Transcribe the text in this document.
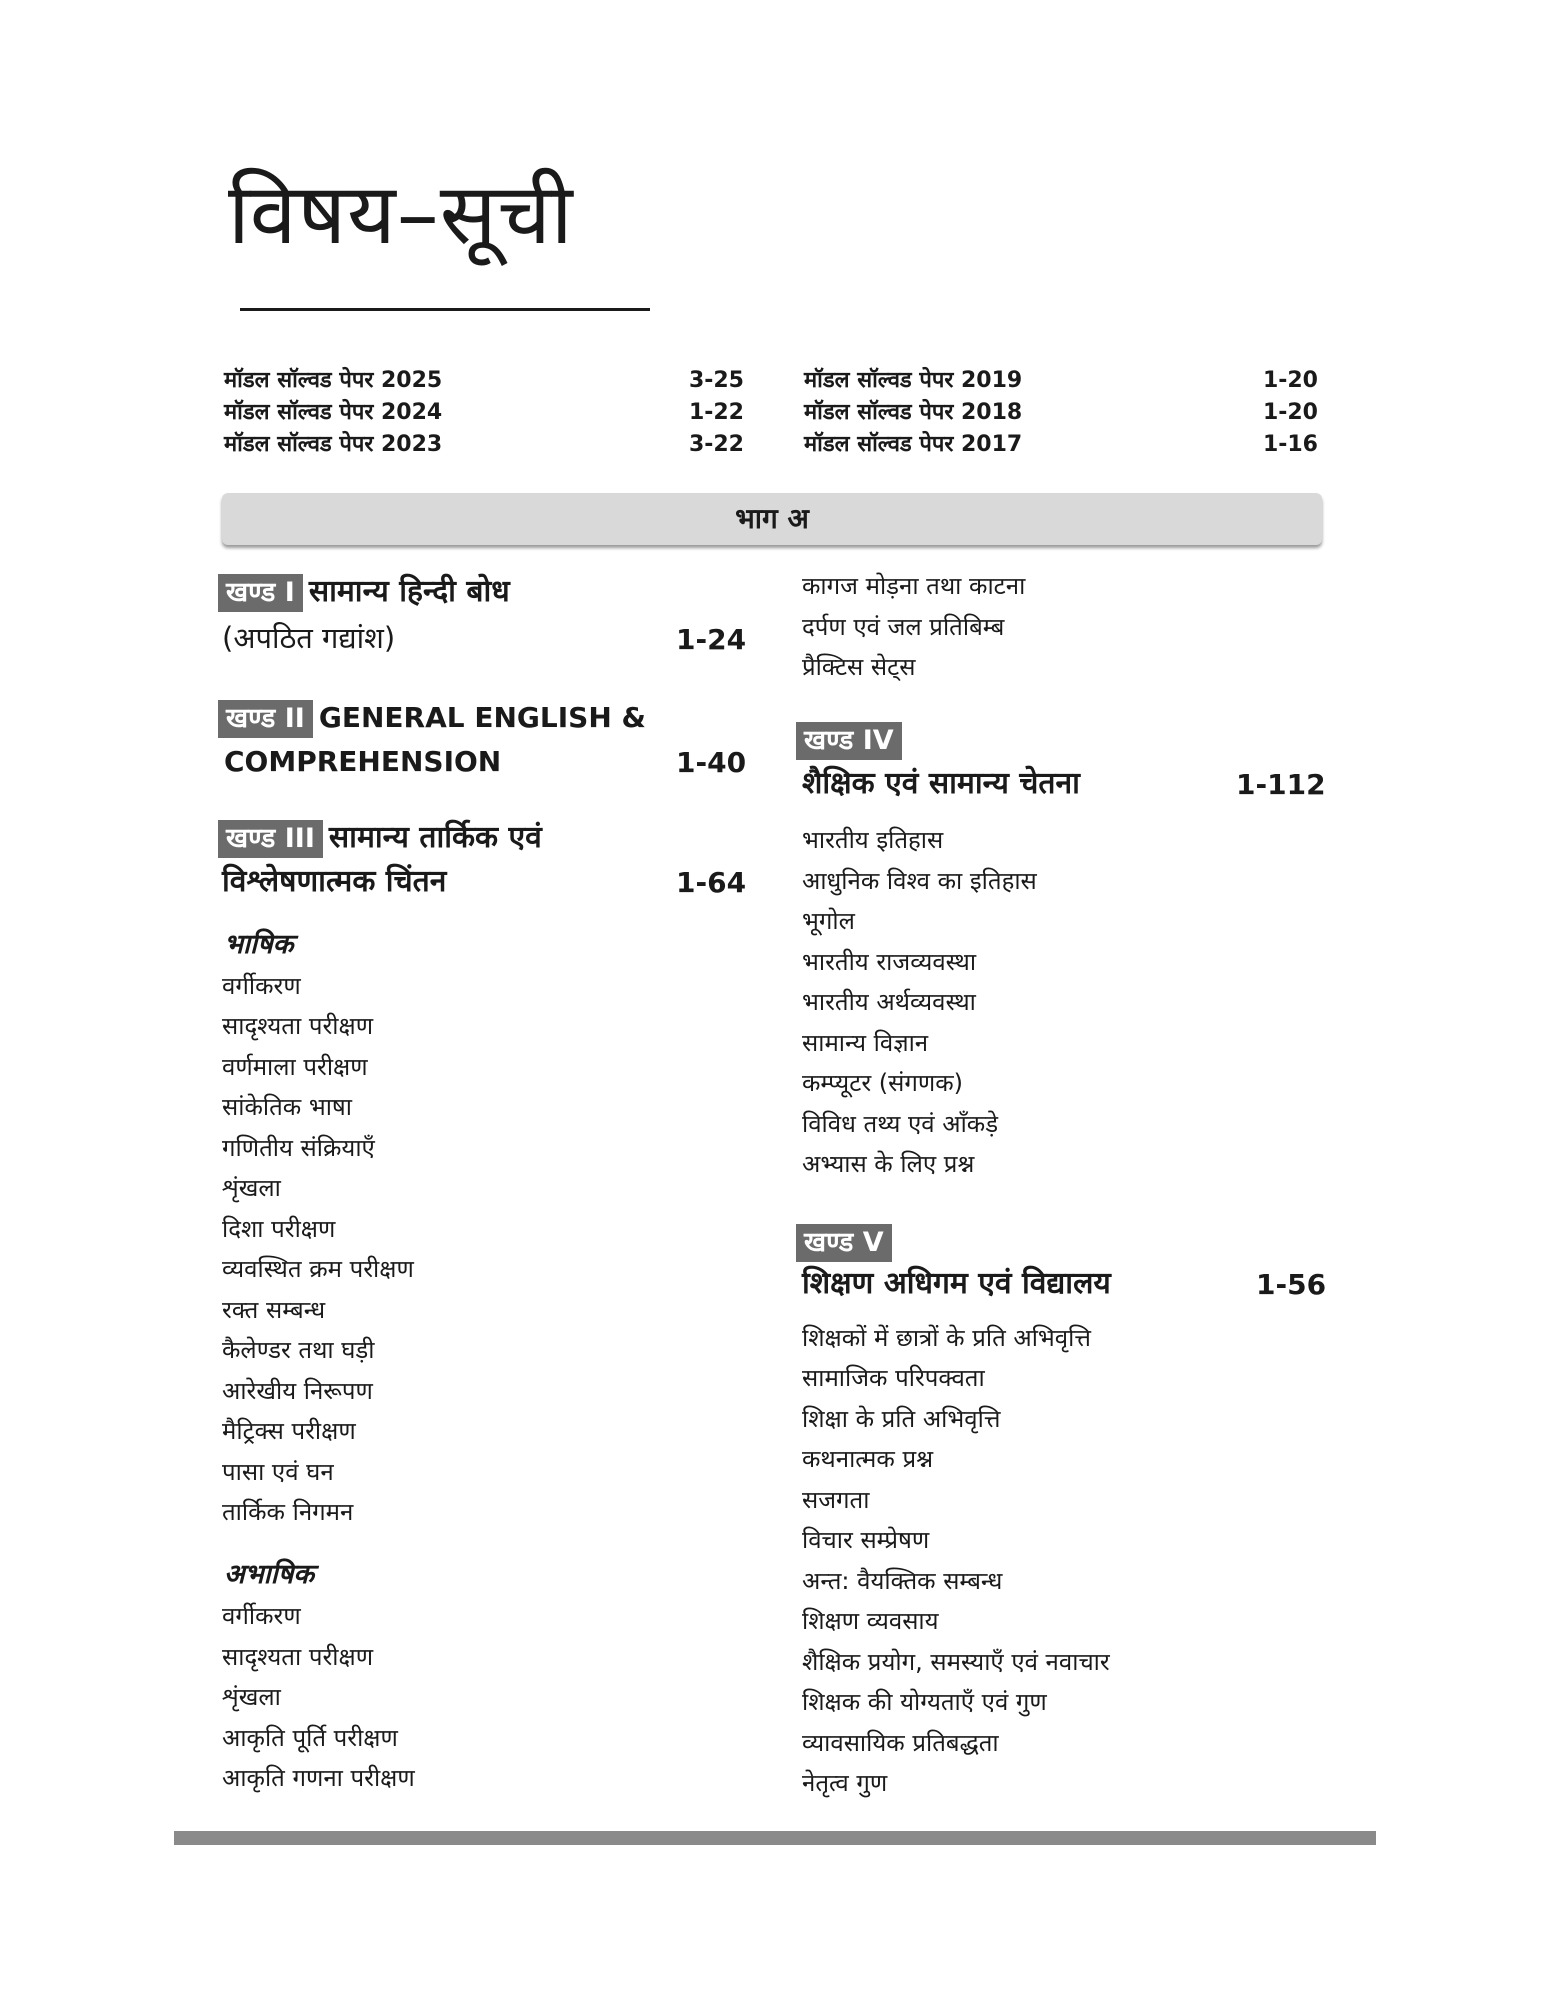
विषय–सूची
मॉडल सॉल्वड पेपर 2025	3-25
मॉडल सॉल्वड पेपर 2024	1-22
मॉडल सॉल्वड पेपर 2023	3-22
मॉडल सॉल्वड पेपर 2019	1-20
मॉडल सॉल्वड पेपर 2018	1-20
मॉडल सॉल्वड पेपर 2017	1-16
भाग अ
खण्ड I सामान्य हिन्दी बोध
(अपठित गद्यांश)	1-24
खण्ड II GENERAL ENGLISH &
COMPREHENSION	1-40
खण्ड III सामान्य तार्किक एवं
विश्लेषणात्मक चिंतन	1-64
भाषिक
वर्गीकरण
सादृश्यता परीक्षण
वर्णमाला परीक्षण
सांकेतिक भाषा
गणितीय संक्रियाएँ
शृंखला
दिशा परीक्षण
व्यवस्थित क्रम परीक्षण
रक्त सम्बन्ध
कैलेण्डर तथा घड़ी
आरेखीय निरूपण
मैट्रिक्स परीक्षण
पासा एवं घन
तार्किक निगमन
अभाषिक
वर्गीकरण
सादृश्यता परीक्षण
शृंखला
आकृति पूर्ति परीक्षण
आकृति गणना परीक्षण
कागज मोड़ना तथा काटना
दर्पण एवं जल प्रतिबिम्ब
प्रैक्टिस सेट्स
खण्ड IV
शैक्षिक एवं सामान्य चेतना	1-112
भारतीय इतिहास
आधुनिक विश्व का इतिहास
भूगोल
भारतीय राजव्यवस्था
भारतीय अर्थव्यवस्था
सामान्य विज्ञान
कम्प्यूटर (संगणक)
विविध तथ्य एवं आँकड़े
अभ्यास के लिए प्रश्न
खण्ड V
शिक्षण अधिगम एवं विद्यालय	1-56
शिक्षकों में छात्रों के प्रति अभिवृत्ति
सामाजिक परिपक्वता
शिक्षा के प्रति अभिवृत्ति
कथनात्मक प्रश्न
सजगता
विचार सम्प्रेषण
अन्त: वैयक्तिक सम्बन्ध
शिक्षण व्यवसाय
शैक्षिक प्रयोग, समस्याएँ एवं नवाचार
शिक्षक की योग्यताएँ एवं गुण
व्यावसायिक प्रतिबद्धता
नेतृत्व गुण
